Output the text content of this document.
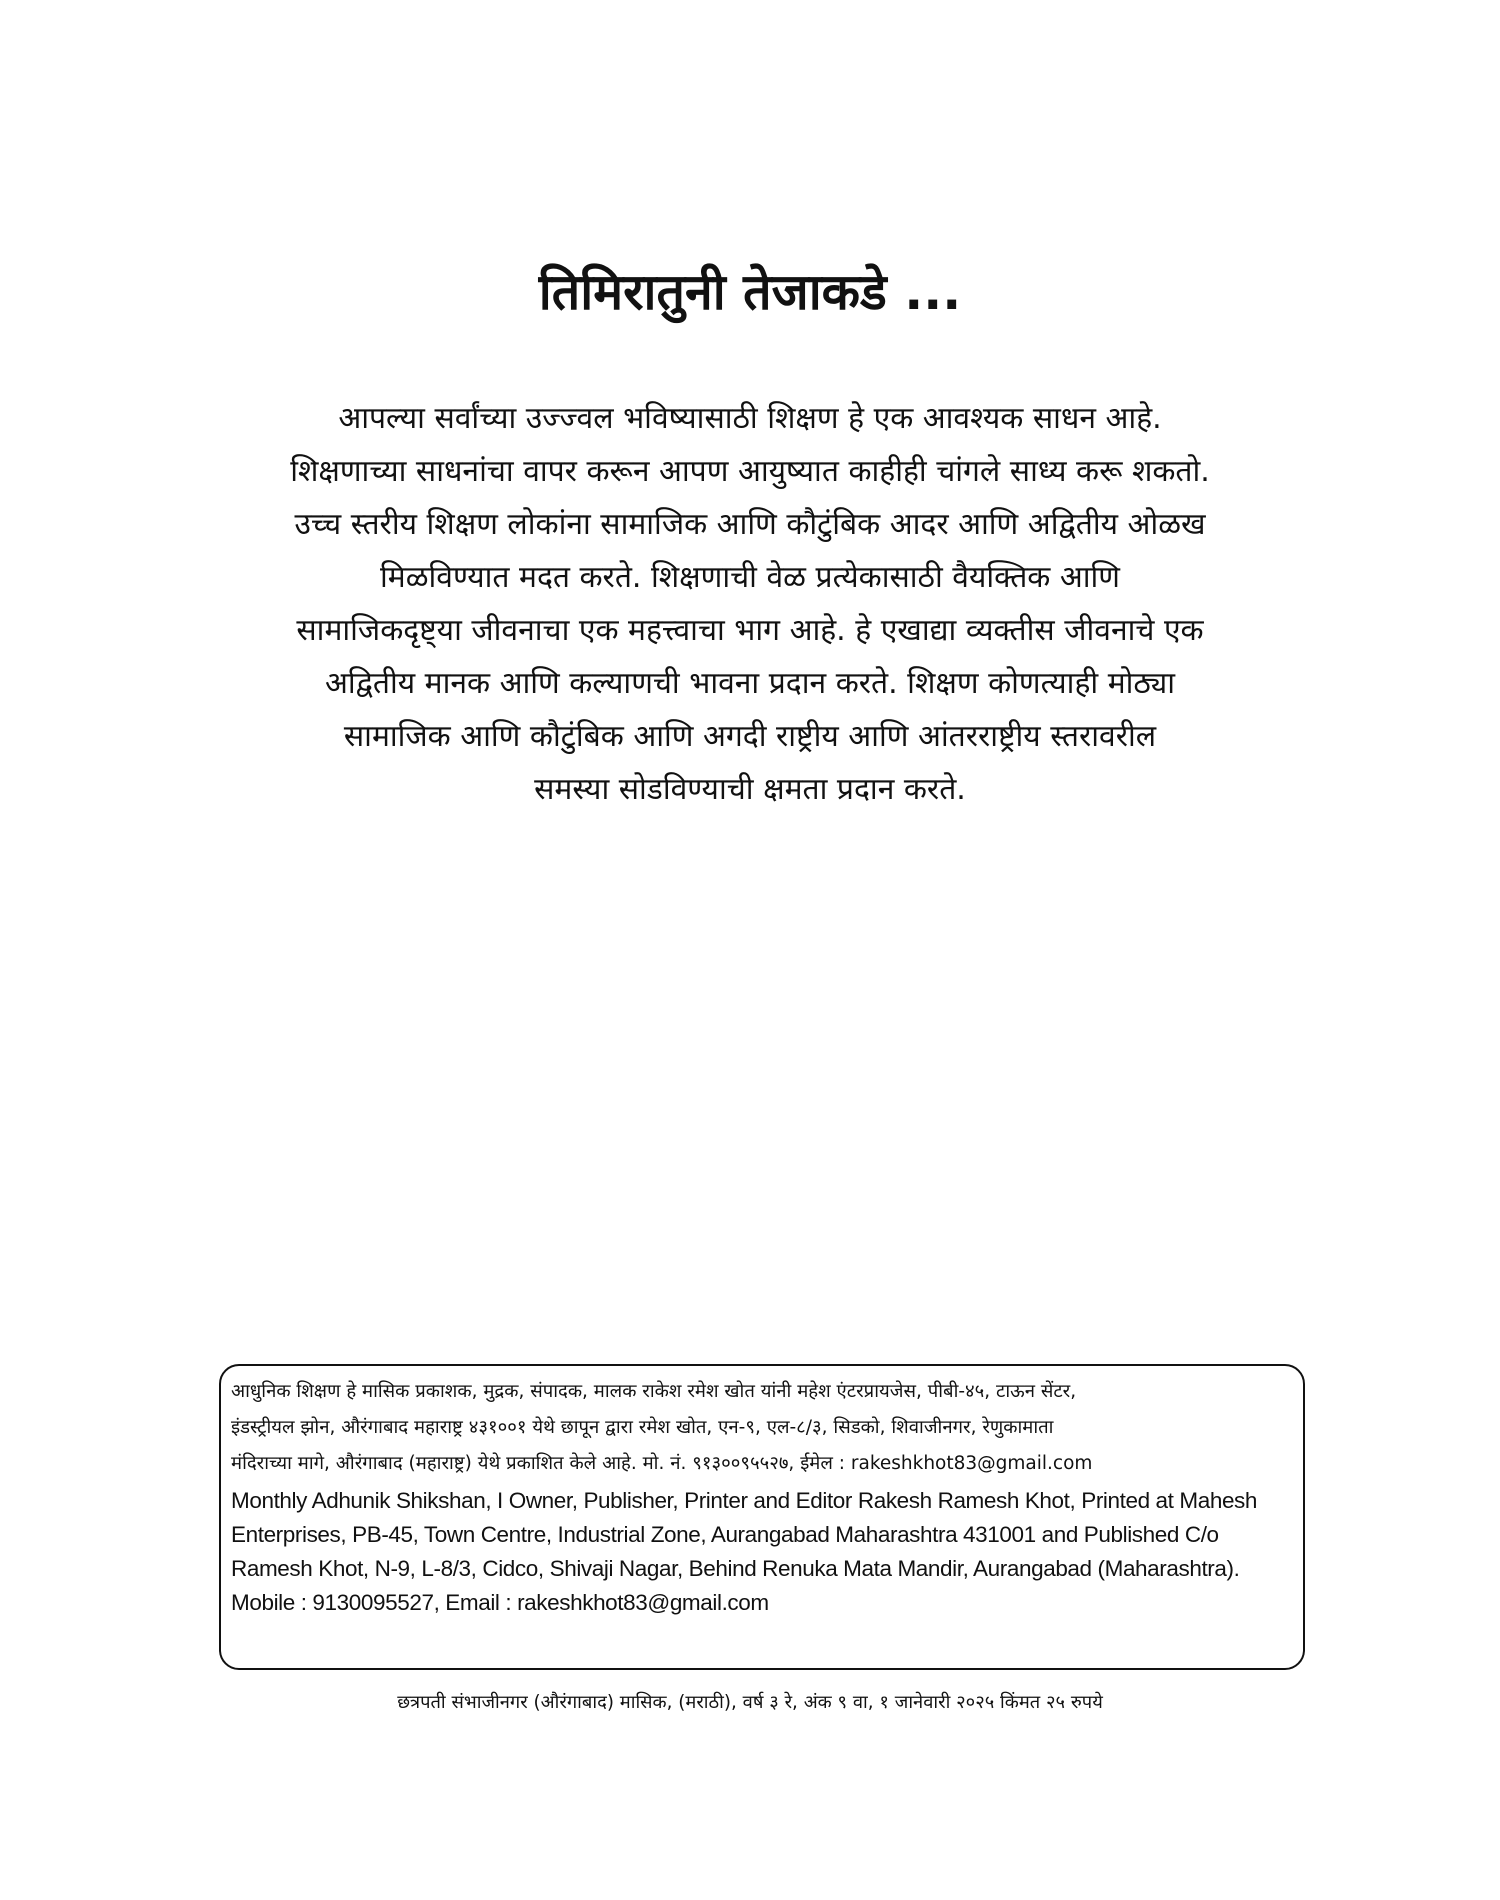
तिमिरातुनी तेजाकडे ...
आपल्या सर्वांच्या उज्ज्वल भविष्यासाठी शिक्षण हे एक आवश्यक साधन आहे.
शिक्षणाच्या साधनांचा वापर करून आपण आयुष्यात काहीही चांगले साध्य करू शकतो.
उच्च स्तरीय शिक्षण लोकांना सामाजिक आणि कौटुंबिक आदर आणि अद्वितीय ओळख
मिळविण्यात मदत करते. शिक्षणाची वेळ प्रत्येकासाठी वैयक्तिक आणि
सामाजिकदृष्ट्या जीवनाचा एक महत्त्वाचा भाग आहे. हे एखाद्या व्यक्तीस जीवनाचे एक
अद्वितीय मानक आणि कल्याणची भावना प्रदान करते. शिक्षण कोणत्याही मोठ्या
सामाजिक आणि कौटुंबिक आणि अगदी राष्ट्रीय आणि आंतरराष्ट्रीय स्तरावरील
समस्या सोडविण्याची क्षमता प्रदान करते.
आधुनिक शिक्षण हे मासिक प्रकाशक, मुद्रक, संपादक, मालक राकेश रमेश खोत यांनी महेश एंटरप्रायजेस, पीबी-४५, टाऊन सेंटर,
इंडस्ट्रीयल झोन, औरंगाबाद महाराष्ट्र ४३१००१ येथे छापून द्वारा रमेश खोत, एन-९, एल-८/३, सिडको, शिवाजीनगर, रेणुकामाता
मंदिराच्या मागे, औरंगाबाद (महाराष्ट्र) येथे प्रकाशित केले आहे. मो. नं. ९१३००९५५२७, ईमेल : rakeshkhot83@gmail.com
Monthly Adhunik Shikshan, I Owner, Publisher, Printer and Editor Rakesh Ramesh Khot, Printed at Mahesh
Enterprises, PB-45, Town Centre, Industrial Zone, Aurangabad Maharashtra 431001 and Published C/o
Ramesh Khot, N-9, L-8/3, Cidco, Shivaji Nagar, Behind Renuka Mata Mandir, Aurangabad (Maharashtra).
Mobile : 9130095527, Email : rakeshkhot83@gmail.com
छत्रपती संभाजीनगर (औरंगाबाद) मासिक, (मराठी), वर्ष ३ रे, अंक ९ वा, १ जानेवारी २०२५ किंमत २५ रुपये
